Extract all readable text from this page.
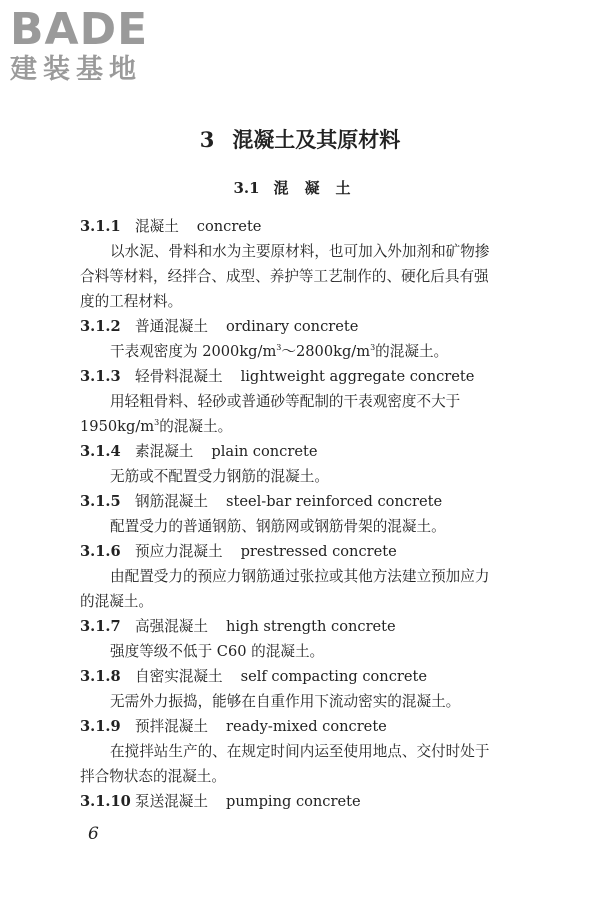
BADE
建装基地
3 混凝土及其原材料
3.1 混凝土
3.1.1 混凝土 concrete
以水泥、骨料和水为主要原材料，也可加入外加剂和矿物掺
合料等材料，经拌合、成型、养护等工艺制作的、硬化后具有强
度的工程材料。
3.1.2 普通混凝土 ordinary concrete
干表观密度为 $2000kg/m^3\sim 2800kg/m^3$的混凝土。
3.1.3 轻骨料混凝土 lightweight aggregate concrete
用轻粗骨料、轻砂或普通砂等配制的干表观密度不大于
$1950kg/m^3$的混凝土。
3.1.4 素混凝土 plain concrete
无筋或不配置受力钢筋的混凝土。
3.1.5 钢筋混凝土 steel-bar reinforced concrete
配置受力的普通钢筋、钢筋网或钢筋骨架的混凝土。
3.1.6 预应力混凝土 prestressed concrete
由配置受力的预应力钢筋通过张拉或其他方法建立预加应力
的混凝土。
3.1.7 高强混凝土 high strength concrete
强度等级不低于 C60 的混凝土。
3.1.8 自密实混凝土 self compacting concrete
无需外力振捣，能够在自重作用下流动密实的混凝土。
3.1.9 预拌混凝土 ready-mixed concrete
在搅拌站生产的、在规定时间内运至使用地点、交付时处于
拌合物状态的混凝土。
3.1.10 泵送混凝土 pumping concrete
6
